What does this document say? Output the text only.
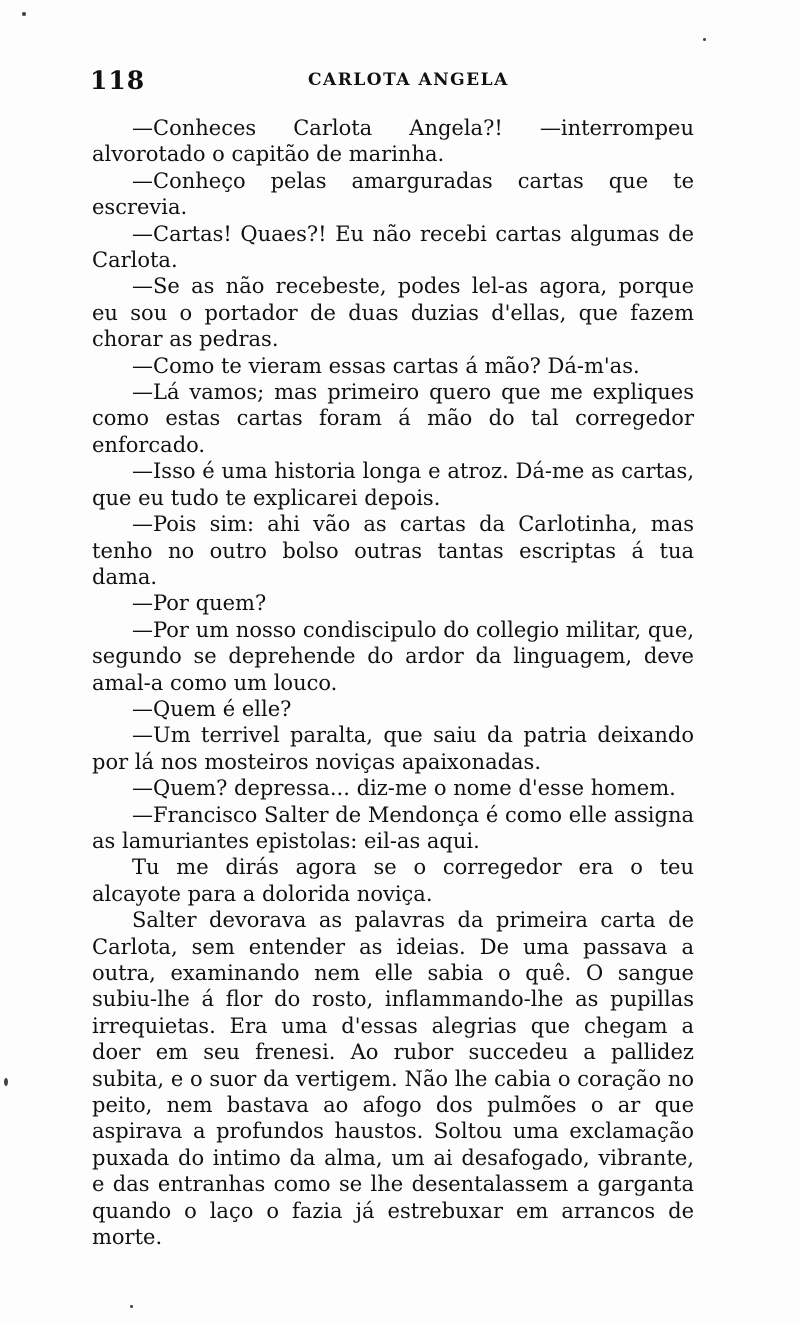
118	CARLOTA ANGELA

—Conheces Carlota Angela?! —interrompeu alvorotado o capitão de marinha.

—Conheço pelas amarguradas cartas que te escrevia.

—Cartas! Quaes?! Eu não recebi cartas algumas de Carlota.

—Se as não recebeste, podes lel-as agora, porque eu sou o portador de duas duzias d'ellas, que fazem chorar as pedras.

—Como te vieram essas cartas á mão? Dá-m'as.

—Lá vamos; mas primeiro quero que me expliques como estas cartas foram á mão do tal corregedor enforcado.

—Isso é uma historia longa e atroz. Dá-me as cartas, que eu tudo te explicarei depois.

—Pois sim: ahi vão as cartas da Carlotinha, mas tenho no outro bolso outras tantas escriptas á tua dama.

—Por quem?

—Por um nosso condiscipulo do collegio militar, que, segundo se deprehende do ardor da linguagem, deve amal-a como um louco.

—Quem é elle?

—Um terrivel paralta, que saiu da patria deixando por lá nos mosteiros noviças apaixonadas.

—Quem? depressa... diz-me o nome d'esse homem.

—Francisco Salter de Mendonça é como elle assigna as lamuriantes epistolas: eil-as aqui.

Tu me dirás agora se o corregedor era o teu alcayote para a dolorida noviça.

Salter devorava as palavras da primeira carta de Carlota, sem entender as ideias. De uma passava a outra, examinando nem elle sabia o quê. O sangue subiu-lhe á flor do rosto, inflammando-lhe as pupillas irrequietas. Era uma d'essas alegrias que chegam a doer em seu frenesi. Ao rubor succedeu a pallidez subita, e o suor da vertigem. Não lhe cabia o coração no peito, nem bastava ao afogo dos pulmões o ar que aspirava a profundos haustos. Soltou uma exclamação puxada do intimo da alma, um ai desafogado, vibrante, e das entranhas como se lhe desentalassem a garganta quando o laço o fazia já estrebuxar em arrancos de morte.
